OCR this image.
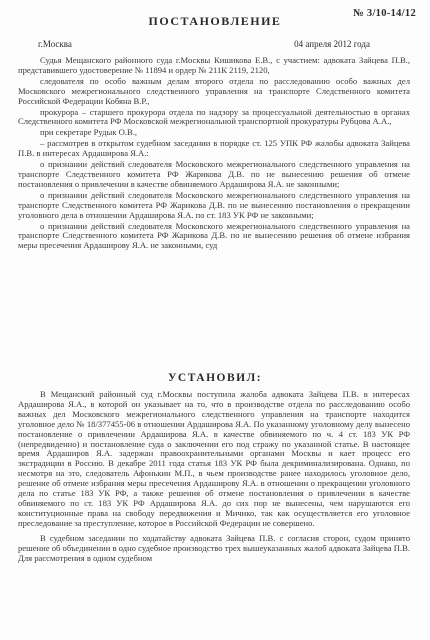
№ 3/10-14/12
ПОСТАНОВЛЕНИЕ
г.Москва	04 апреля 2012 года

Судья Мещанского районного суда г.Москвы Кишикова Е.В., с участием: адвоката Зайцева П.В., представившего удостоверение № 11894 и ордер № 211К 2119, 2120,

следователя по особо важным делам второго отдела по расследованию особо важных дел Московского межрегионального следственного управления на транспорте Следственного комитета Российской Федерации Кобяна В.Р.,

прокурора – старшего прокурора отдела по надзору за процессуальной деятельностью в органах Следственного комитета РФ Московской межрегиональной транспортной прокуратуры Рубцова А.А.,

при секретаре Рудык О.В.,

– рассмотрев в открытом судебном заседании в порядке ст. 125 УПК РФ жалобы адвоката Зайцева П.В. в интересах Ардаширова Я.А.:

о признании действий следователя Московского межрегионального следственного управления на транспорте Следственного комитета РФ Жарикова Д.В. по не вынесению решения об отмене постановления о привлечении в качестве обвиняемого Ардаширова Я.А. не законными;

о признании действий следователя Московского межрегионального следственного управления на транспорте Следственного комитета РФ Жарикова Д.В. по не вынесению постановления о прекращении уголовного дела в отношении Ардаширова Я.А. по ст. 183 УК РФ не законными;

о признании действий следователя Московского межрегионального следственного управления на транспорте Следственного комитета РФ Жарикова Д.В. по не вынесению решения об отмене избрания меры пресечения Ардаширову Я.А. не законными, суд

УСТАНОВИЛ:

В Мещанский районный суд г.Москвы поступила жалоба адвоката Зайцева П.В. в интересах Ардаширова Я.А., в которой он указывает на то, что в производстве отдела по расследованию особо важных дел Московского межрегионального следственного управления на транспорте находится уголовное дело № 18/377455-06 в отношении Ардаширова Я.А. По указанному уголовному делу вынесено постановление о привлечении Ардаширова Я.А. в качестве обвиняемого по ч. 4 ст. 183 УК РФ (непредвиденно) и постановление суда о заключении его под стражу по указанной статье. В настоящее время Ардаширов Я.А. задержан правоохранительными органами Москвы и кает процесс его экстрадиции в Россию. В декабре 2011 года статья 183 УК РФ была декриминализирована. Однако, по несмотря на это, следователь Афонькин М.П., в чьем производстве ранее находилось уголовное дело, решение об отмене избрания меры пресечения Ардаширову Я.А. в отношении о прекращении уголовного дела по статье 183 УК РФ, а также решения об отмене постановления о привлечении в качестве обвиняемого по ст. 183 УК РФ Ардаширова Я.А. до сих пор не вынесены, чем нарушаются его конституционные права на свободу передвижения и Мичико, так как осуществляется его уголовное преследование за преступление, которое в Российской Федерации не совершено.

В судебном заседании по ходатайству адвоката Зайцева П.В. с согласия сторон, судом принято решение об объединении в одно судебное производство трех вышеуказанных жалоб адвоката Зайцева П.В. Для рассмотрения в одном судебном
